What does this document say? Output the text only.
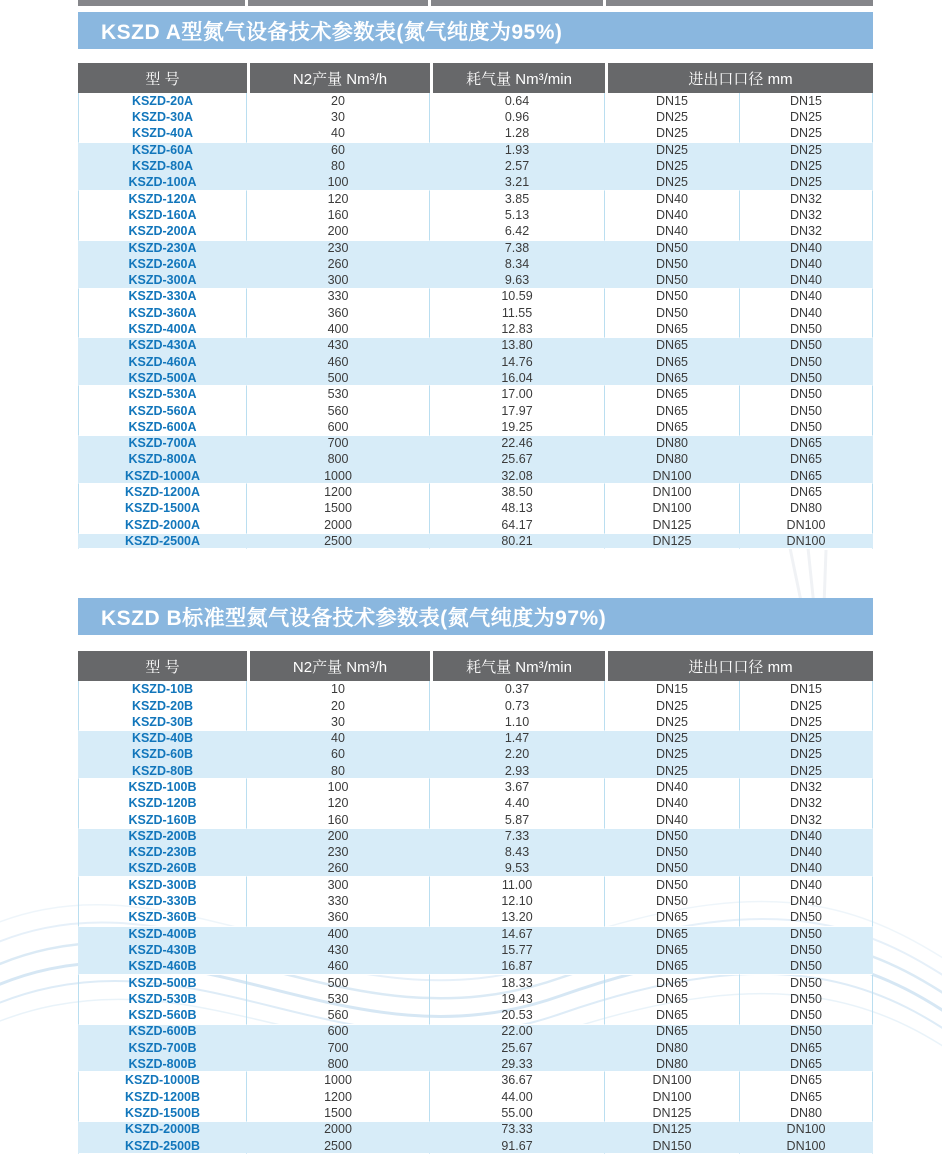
KSZD A型氮气设备技术参数表(氮气纯度为95%)
型 号	N2产量 Nm³/h	耗气量 Nm³/min	进出口口径 mm	
KSZD-20A	20	0.64	DN15	DN15
KSZD-30A	30	0.96	DN25	DN25
KSZD-40A	40	1.28	DN25	DN25
KSZD-60A	60	1.93	DN25	DN25
KSZD-80A	80	2.57	DN25	DN25
KSZD-100A	100	3.21	DN25	DN25
KSZD-120A	120	3.85	DN40	DN32
KSZD-160A	160	5.13	DN40	DN32
KSZD-200A	200	6.42	DN40	DN32
KSZD-230A	230	7.38	DN50	DN40
KSZD-260A	260	8.34	DN50	DN40
KSZD-300A	300	9.63	DN50	DN40
KSZD-330A	330	10.59	DN50	DN40
KSZD-360A	360	11.55	DN50	DN40
KSZD-400A	400	12.83	DN65	DN50
KSZD-430A	430	13.80	DN65	DN50
KSZD-460A	460	14.76	DN65	DN50
KSZD-500A	500	16.04	DN65	DN50
KSZD-530A	530	17.00	DN65	DN50
KSZD-560A	560	17.97	DN65	DN50
KSZD-600A	600	19.25	DN65	DN50
KSZD-700A	700	22.46	DN80	DN65
KSZD-800A	800	25.67	DN80	DN65
KSZD-1000A	1000	32.08	DN100	DN65
KSZD-1200A	1200	38.50	DN100	DN65
KSZD-1500A	1500	48.13	DN100	DN80
KSZD-2000A	2000	64.17	DN125	DN100
KSZD-2500A	2500	80.21	DN125	DN100
KSZD B标准型氮气设备技术参数表(氮气纯度为97%)
型 号	N2产量 Nm³/h	耗气量 Nm³/min	进出口口径 mm	
KSZD-10B	10	0.37	DN15	DN15
KSZD-20B	20	0.73	DN25	DN25
KSZD-30B	30	1.10	DN25	DN25
KSZD-40B	40	1.47	DN25	DN25
KSZD-60B	60	2.20	DN25	DN25
KSZD-80B	80	2.93	DN25	DN25
KSZD-100B	100	3.67	DN40	DN32
KSZD-120B	120	4.40	DN40	DN32
KSZD-160B	160	5.87	DN40	DN32
KSZD-200B	200	7.33	DN50	DN40
KSZD-230B	230	8.43	DN50	DN40
KSZD-260B	260	9.53	DN50	DN40
KSZD-300B	300	11.00	DN50	DN40
KSZD-330B	330	12.10	DN50	DN40
KSZD-360B	360	13.20	DN65	DN50
KSZD-400B	400	14.67	DN65	DN50
KSZD-430B	430	15.77	DN65	DN50
KSZD-460B	460	16.87	DN65	DN50
KSZD-500B	500	18.33	DN65	DN50
KSZD-530B	530	19.43	DN65	DN50
KSZD-560B	560	20.53	DN65	DN50
KSZD-600B	600	22.00	DN65	DN50
KSZD-700B	700	25.67	DN80	DN65
KSZD-800B	800	29.33	DN80	DN65
KSZD-1000B	1000	36.67	DN100	DN65
KSZD-1200B	1200	44.00	DN100	DN65
KSZD-1500B	1500	55.00	DN125	DN80
KSZD-2000B	2000	73.33	DN125	DN100
KSZD-2500B	2500	91.67	DN150	DN100
